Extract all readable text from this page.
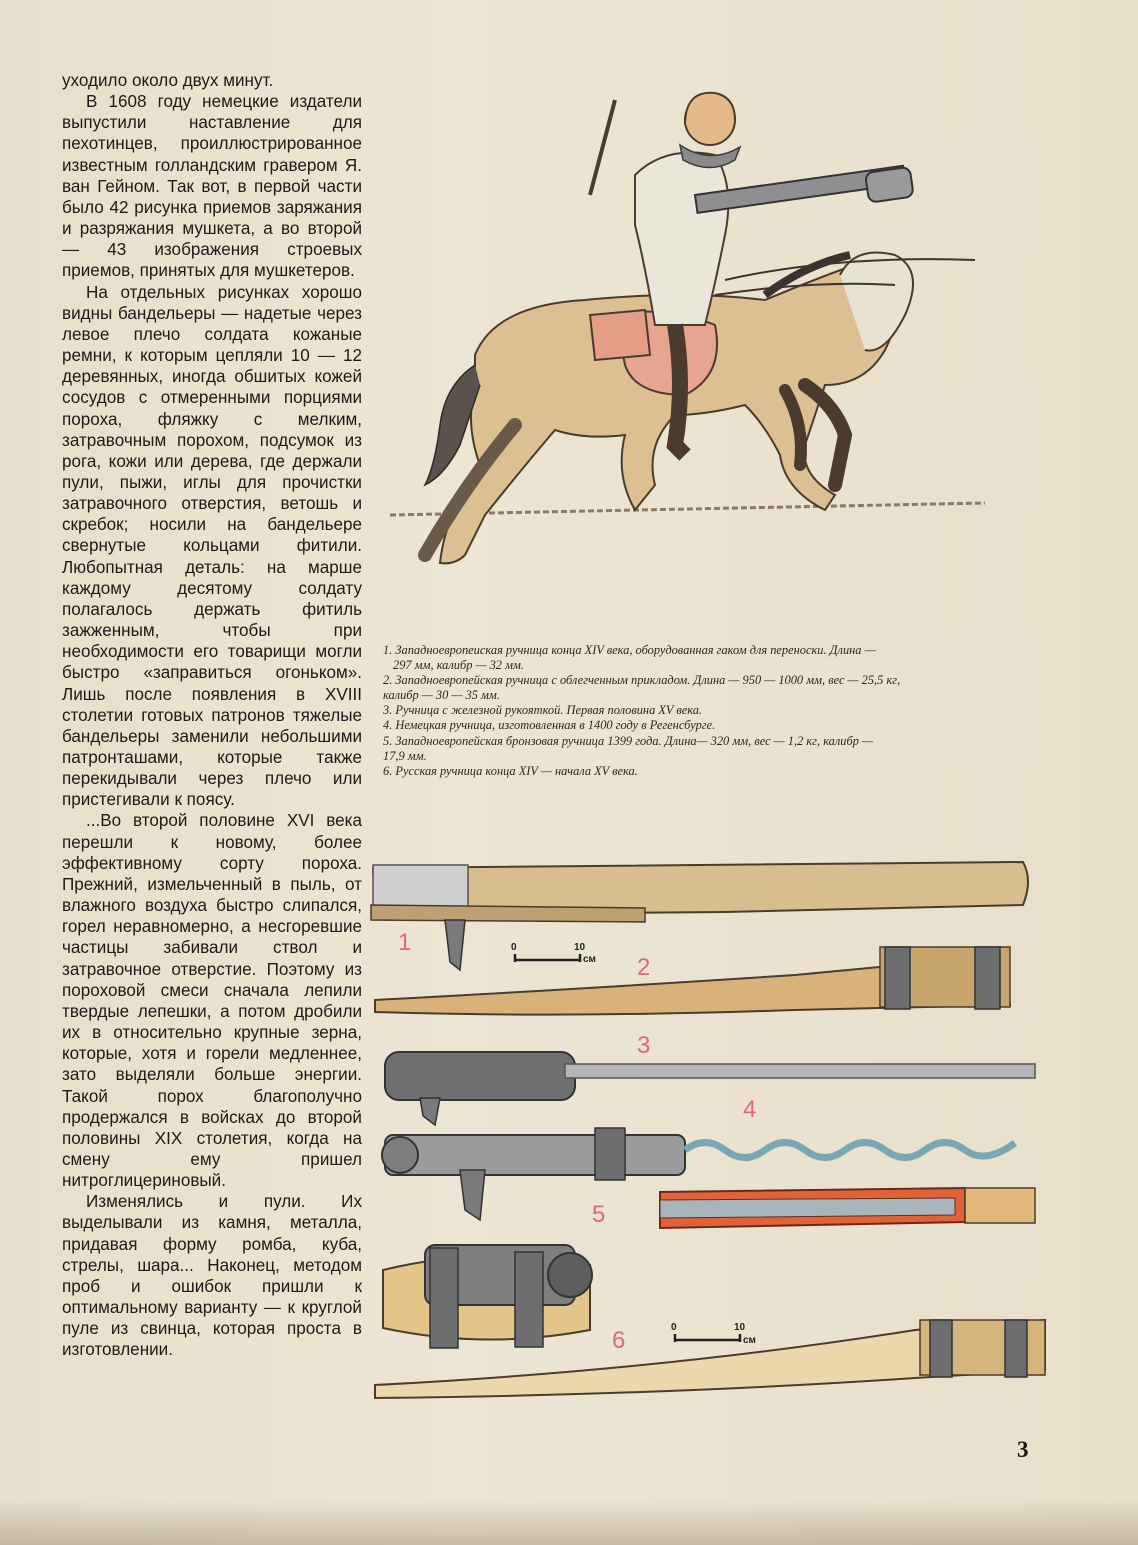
уходило около двух минут.

В 1608 году немецкие издатели выпустили наставление для пехотинцев, проиллюстрированное известным голландским гравером Я. ван Гейном. Так вот, в первой части было 42 рисунка приемов заряжания и разряжания мушкета, а во второй — 43 изображения строевых приемов, принятых для мушкетеров.

На отдельных рисунках хорошо видны бандельеры — надетые через левое плечо солдата кожаные ремни, к которым цепляли 10 — 12 деревянных, иногда обшитых кожей сосудов с отмеренными порциями пороха, фляжку с мелким, затравочным порохом, подсумок из рога, кожи или дерева, где держали пули, пыжи, иглы для прочистки затравочного отверстия, ветошь и скребок; носили на бандельере свернутые кольцами фитили. Любопытная деталь: на марше каждому десятому солдату полагалось держать фитиль зажженным, чтобы при необходимости его товарищи могли быстро «заправиться огоньком». Лишь после появления в XVIII столетии готовых патронов тяжелые бандельеры заменили небольшими патронташами, которые также перекидывали через плечо или пристегивали к поясу.

...Во второй половине XVI века перешли к новому, более эффективному сорту пороха. Прежний, измельченный в пыль, от влажного воздуха быстро слипался, горел неравномерно, а несгоревшие частицы забивали ствол и затравочное отверстие. Поэтому из пороховой смеси сначала лепили твердые лепешки, а потом дробили их в относительно крупные зерна, которые, хотя и горели медленнее, зато выделяли больше энергии. Такой порох благополучно продержался в войсках до второй половины XIX столетия, когда на смену ему пришел нитроглицериновый.

Изменялись и пули. Их выделывали из камня, металла, придавая форму ромба, куба, стрелы, шара... Наконец, методом проб и ошибок пришли к оптимальному варианту — к круглой пуле из свинца, которая проста в изготовлении.

1. Западноевропеиская ручница конца XIV века, оборудованная гаком для переноски. Длина —
297 мм, калибр — 32 мм.
2. Западноевропейская ручница с облегченным прикладом. Длина — 950 — 1000 мм, вес — 25,5 кг,
калибр — 30 — 35 мм.
3. Ручница с железной рукояткой. Первая половина XV века.
4. Немецкая ручница, изготовленная в 1400 году в Регенсбурге.
5. Западноевропейская бронзовая ручница 1399 года. Длина— 320 мм, вес — 1,2 кг, калибр —
17,9 мм.
6. Русская ручница конца XIV — начала XV века.
1	0	10
см 2
3
4
5
6	0	10
см
3
